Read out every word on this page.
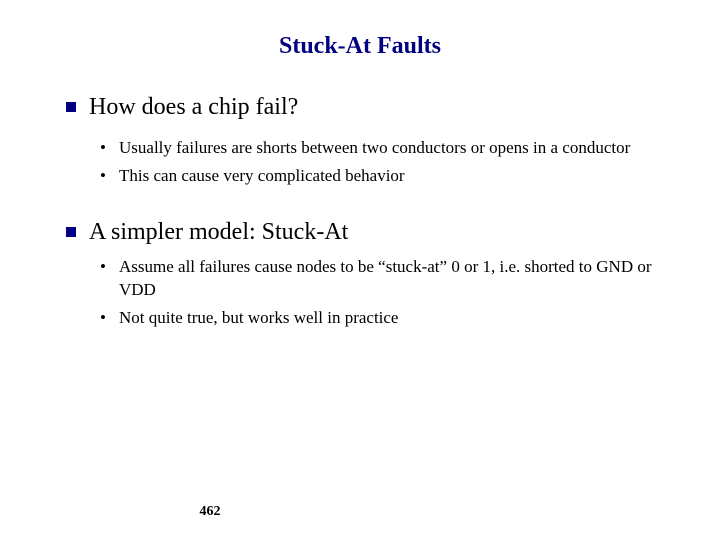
Stuck-At Faults
How does a chip fail?
• Usually failures are shorts between two conductors or opens in a conductor
• This can cause very complicated behavior
A simpler model: Stuck-At
• Assume all failures cause nodes to be “stuck-at” 0 or 1, i.e. shorted to GND or VDD
• Not quite true, but works well in practice
462
